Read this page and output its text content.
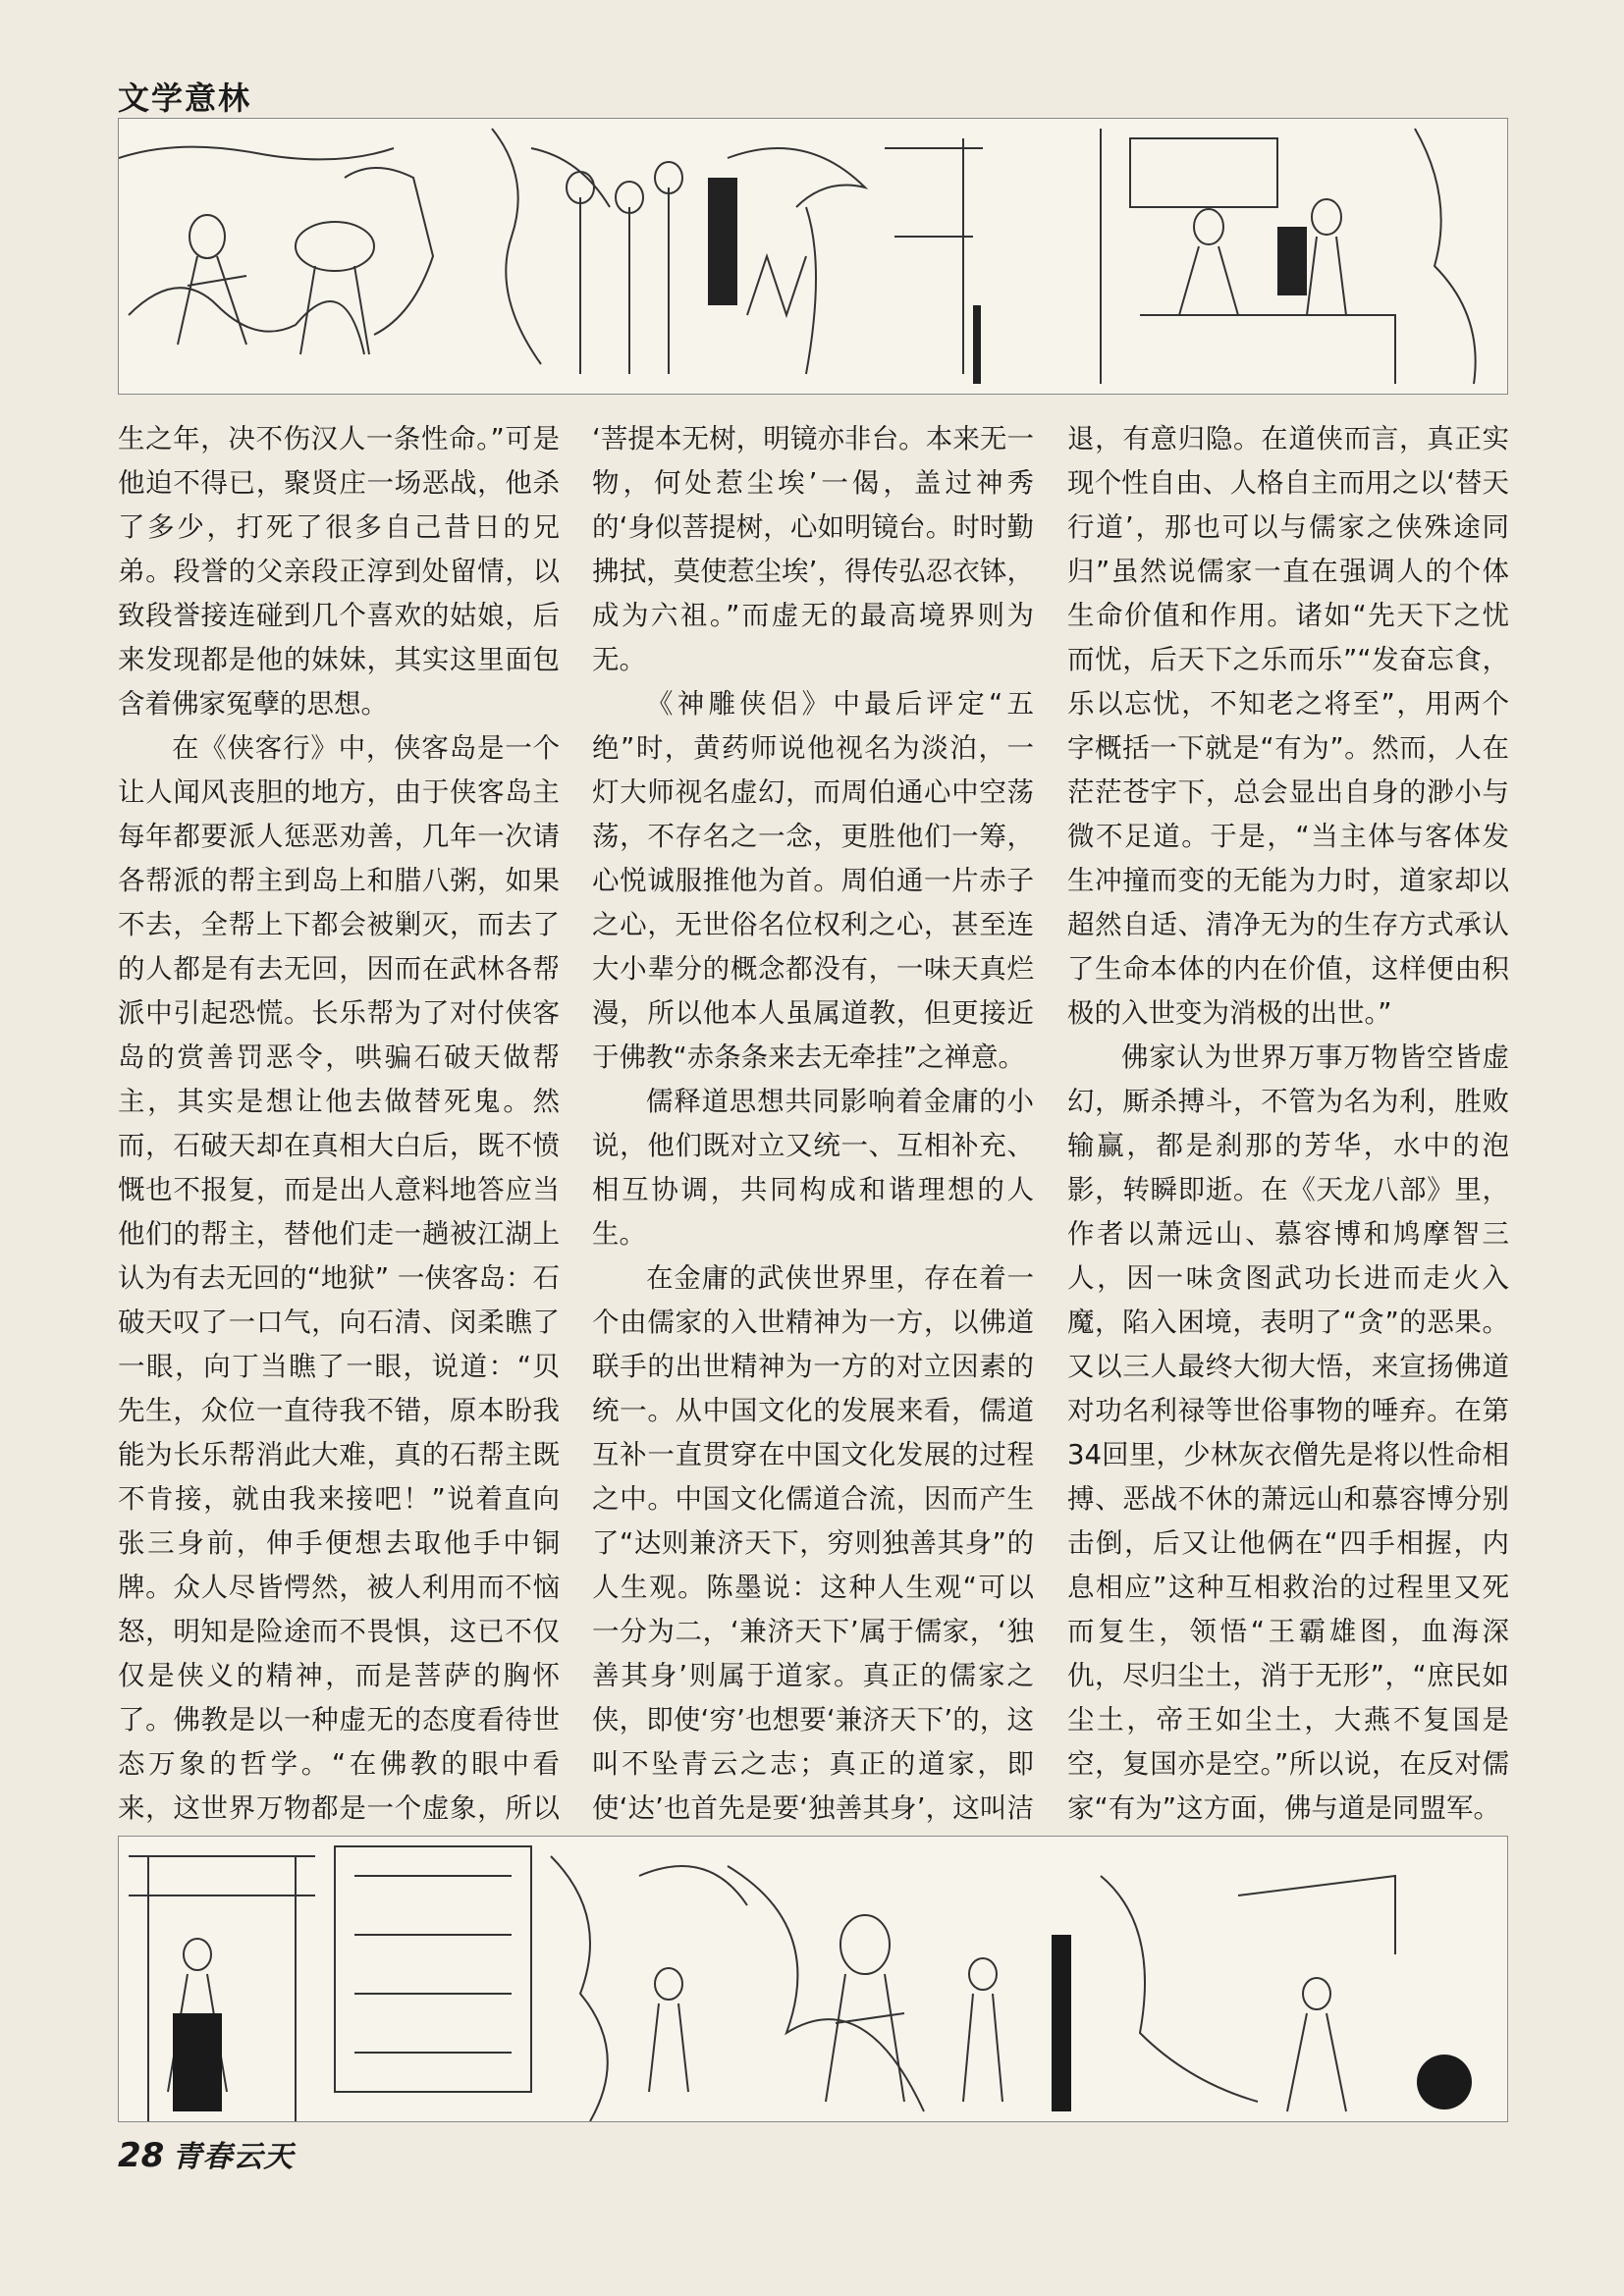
文学意林

生之年，决不伤汉人一条性命。”可是他迫不得已，聚贤庄一场恶战，他杀了多少，打死了很多自己昔日的兄弟。段誉的父亲段正淳到处留情，以致段誉接连碰到几个喜欢的姑娘，后来发现都是他的妹妹，其实这里面包含着佛家冤孽的思想。

在《侠客行》中，侠客岛是一个让人闻风丧胆的地方，由于侠客岛主每年都要派人惩恶劝善，几年一次请各帮派的帮主到岛上和腊八粥，如果不去，全帮上下都会被剿灭，而去了的人都是有去无回，因而在武林各帮派中引起恐慌。长乐帮为了对付侠客岛的赏善罚恶令，哄骗石破天做帮主，其实是想让他去做替死鬼。然而，石破天却在真相大白后，既不愤慨也不报复，而是出人意料地答应当他们的帮主，替他们走一趟被江湖上认为有去无回的“地狱” 一侠客岛：石破天叹了一口气，向石清、闵柔瞧了一眼，向丁当瞧了一眼，说道：“贝先生，众位一直待我不错，原本盼我能为长乐帮消此大难，真的石帮主既不肯接，就由我来接吧！”说着直向张三身前，伸手便想去取他手中铜牌。众人尽皆愕然，被人利用而不恼怒，明知是险途而不畏惧，这已不仅仅是侠义的精神，而是菩萨的胸怀了。佛教是以一种虚无的态度看待世态万象的哲学。“在佛教的眼中看来，这世界万物都是一个虚象，所以

‘菩提本无树，明镜亦非台。本来无一物，何处惹尘埃’一偈，盖过神秀的‘身似菩提树，心如明镜台。时时勤拂拭，莫使惹尘埃’，得传弘忍衣钵，成为六祖。”而虚无的最高境界则为无。

《神雕侠侣》中最后评定“五绝”时，黄药师说他视名为淡泊，一灯大师视名虚幻，而周伯通心中空荡荡，不存名之一念，更胜他们一筹，心悦诚服推他为首。周伯通一片赤子之心，无世俗名位权利之心，甚至连大小辈分的概念都没有，一味天真烂漫，所以他本人虽属道教，但更接近于佛教“赤条条来去无牵挂”之禅意。

儒释道思想共同影响着金庸的小说，他们既对立又统一、互相补充、相互协调，共同构成和谐理想的人生。

在金庸的武侠世界里，存在着一个由儒家的入世精神为一方，以佛道联手的出世精神为一方的对立因素的统一。从中国文化的发展来看，儒道互补一直贯穿在中国文化发展的过程之中。中国文化儒道合流，因而产生了“达则兼济天下，穷则独善其身”的人生观。陈墨说：这种人生观“可以一分为二，‘兼济天下’属于儒家，‘独善其身’则属于道家。真正的儒家之侠，即使‘穷’也想要‘兼济天下’的，这叫不坠青云之志；真正的道家，即使‘达’也首先是要‘独善其身’，这叫洁

退，有意归隐。在道侠而言，真正实现个性自由、人格自主而用之以‘替天行道’，那也可以与儒家之侠殊途同归”虽然说儒家一直在强调人的个体生命价值和作用。诸如“先天下之忧而忧，后天下之乐而乐”“发奋忘食，乐以忘忧，不知老之将至”，用两个字概括一下就是“有为”。然而，人在茫茫苍宇下，总会显出自身的渺小与微不足道。于是，“当主体与客体发生冲撞而变的无能为力时，道家却以超然自适、清净无为的生存方式承认了生命本体的内在价值，这样便由积极的入世变为消极的出世。”

佛家认为世界万事万物皆空皆虚幻，厮杀搏斗，不管为名为利，胜败输赢，都是刹那的芳华，水中的泡影，转瞬即逝。在《天龙八部》里，作者以萧远山、慕容博和鸠摩智三人，因一味贪图武功长进而走火入魔，陷入困境，表明了“贪”的恶果。又以三人最终大彻大悟，来宣扬佛道对功名利禄等世俗事物的唾弃。在第34回里，少林灰衣僧先是将以性命相搏、恶战不休的萧远山和慕容博分别击倒，后又让他俩在“四手相握，内息相应”这种互相救治的过程里又死而复生，领悟“王霸雄图，血海深仇，尽归尘土，消于无形”，“庶民如尘土，帝王如尘土，大燕不复国是空，复国亦是空。”所以说，在反对儒家“有为”这方面，佛与道是同盟军。

28 青春云天
